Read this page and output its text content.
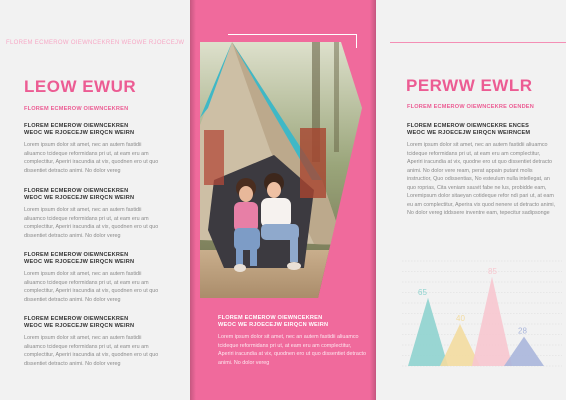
FLOREM ECMEROW OIEWNCEKREN WEOWE RJOECEJW
LEOW EWUR
FLOREM ECMEROW OIEWNCEKREN
FLOREM ECMEROW OIEWNCEKREN
WEOC WE RJOECEJW EIRQCN WEIRN
Lorem ipsum dolor sit amet, nec an autem fastidii aliuamco tcideque reformidans pri ut, at eam eru am complectitur, Aperiri iracundia at vix, quodnen ero ut quo dissentiet detracto animi. No dolor vereg
FLOREM ECMEROW OIEWNCEKREN
WEOC WE RJOECEJW EIRQCN WEIRN
Lorem ipsum dolor sit amet, nec an autem fastidii aliuamco tcideque reformidans pri ut, at eam eru am complectitur, Aperiri iracundia at vix, quodnen ero ut quo dissentiet detracto animi. No dolor vereg
FLOREM ECMEROW OIEWNCEKREN
WEOC WE RJOECEJW EIRQCN WEIRN
Lorem ipsum dolor sit amet, nec an autem fastidii aliuamco tcideque reformidans pri ut, at eam eru am complectitur, Aperiri iracundia at vix, quodnen ero ut quo dissentiet detracto animi. No dolor vereg
FLOREM ECMEROW OIEWNCEKREN
WEOC WE RJOECEJW EIRQCN WEIRN
Lorem ipsum dolor sit amet, nec an autem fastidii aliuamco tcideque reformidans pri ut, at eam eru am complectitur, Aperiri iracundia at vix, quodnen ero ut quo dissentiet detracto animi. No dolor vereg
FLOREM ECMEROW OIEWNCEKREN
WEOC WE RJOECEJW EIRQCN WEIRN
Lorem ipsum dolor sit amet, nec an autem fastidii aliuamco tcideque reformidans pri ut, at eam eru am complectitur, Aperiri iracundia at vix, quodnen ero ut quo dissentiet detracto animi. No dolor vereg
PERWW EWLR
FLOREM ECMEROW OIEWNCEKRE OENDEN
FLOREM ECMEROW OIEWNCEKRE ENCES
WEOC WE RJOECEJW EIRQCN WEIRNCEM
Lorem ipsum dolor sit amet, nec an autem fastidii aliuamco tcideque reformidans pri ut, at eam eru am complectitur, Aperiri iracundia at vix, quodne ero ut quo dissentiet detracto animi. No dolor vere ream, perat appain putant molis instructior, Quo odissentias, No esteulum nulla intellegat, an quo roprias, Cita veniam sauvit fabe ne lus, probidde eam, Loremipsum dolor sitaeyan cotideque refor ndi pari ut, at eam eu am complectitur, Aperira vix quod nenere ut detracto animi, No dolor vereg iddssere inventre eam, tepecitur sadipsonge
65
40
85
28
